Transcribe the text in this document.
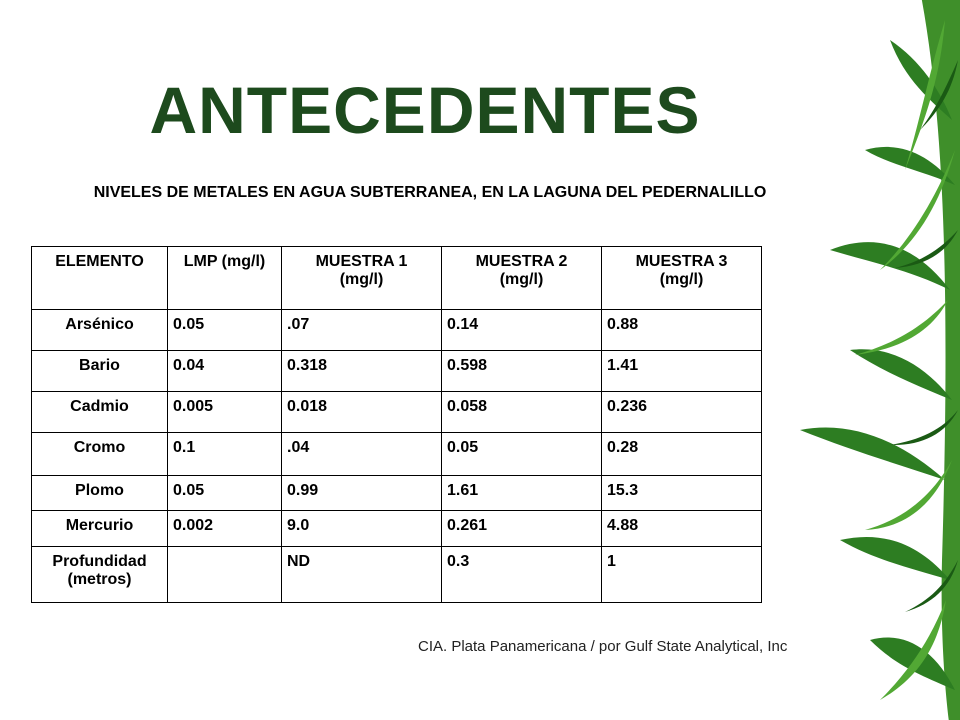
ANTECEDENTES
NIVELES DE METALES EN AGUA SUBTERRANEA, EN LA LAGUNA DEL PEDERNALILLO
ELEMENTO	LMP (mg/l)	MUESTRA 1 (mg/l)	MUESTRA 2 (mg/l)	MUESTRA 3 (mg/l)
Arsénico	0.05	.07	0.14	0.88
Bario	0.04	0.318	0.598	1.41
Cadmio	0.005	0.018	0.058	0.236
Cromo	0.1	.04	0.05	0.28
Plomo	0.05	0.99	1.61	15.3
Mercurio	0.002	9.0	0.261	4.88
Profundidad (metros)		ND	0.3	1
CIA. Plata Panamericana / por Gulf State Analytical, Inc
